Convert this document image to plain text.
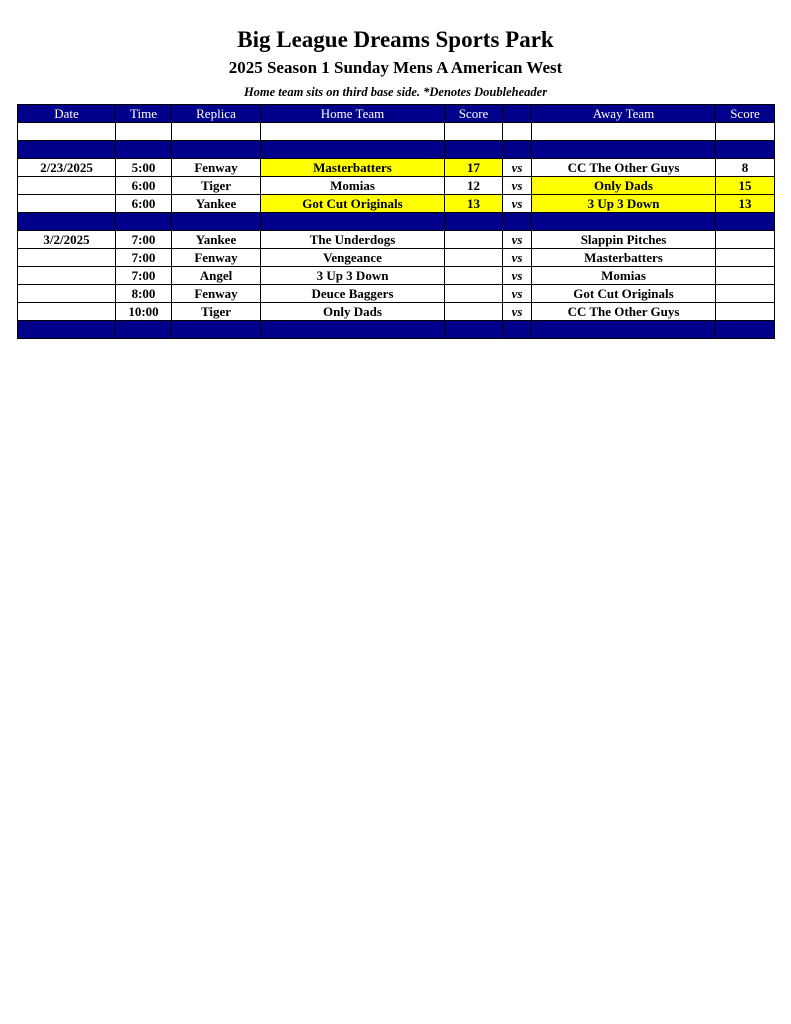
Big League Dreams Sports Park
2025 Season 1 Sunday Mens A American West
Home team sits on third base side. *Denotes Doubleheader
Date	Time	Replica	Home Team	Score		Away Team	Score

2/23/2025	5:00	Fenway	Masterbatters	17	vs	CC The Other Guys	8
	6:00	Tiger	Momias	12	vs	Only Dads	15
	6:00	Yankee	Got Cut Originals	13	vs	3 Up 3 Down	13

3/2/2025	7:00	Yankee	The Underdogs		vs	Slappin Pitches	
	7:00	Fenway	Vengeance		vs	Masterbatters	
	7:00	Angel	3 Up 3 Down		vs	Momias	
	8:00	Fenway	Deuce Baggers		vs	Got Cut Originals	
	10:00	Tiger	Only Dads		vs	CC The Other Guys	
